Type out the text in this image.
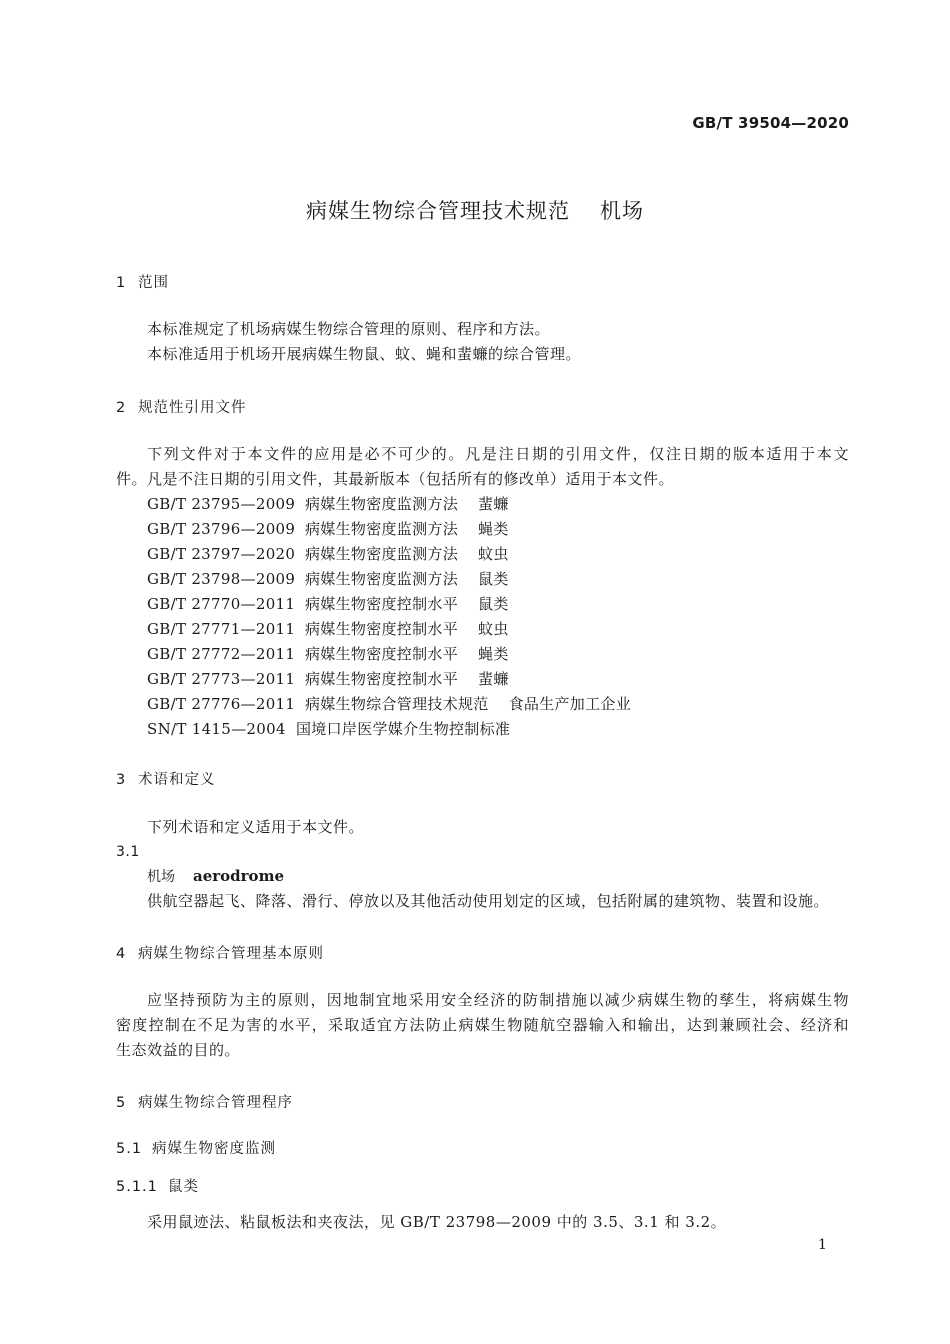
GB/T 39504—2020
病媒生物综合管理技术规范 机场
1 范围
本标准规定了机场病媒生物综合管理的原则、程序和方法。
本标准适用于机场开展病媒生物鼠、蚊、蝇和蜚蠊的综合管理。
2 规范性引用文件
下列文件对于本文件的应用是必不可少的。凡是注日期的引用文件，仅注日期的版本适用于本文
件。凡是不注日期的引用文件，其最新版本（包括所有的修改单）适用于本文件。
GB/T 23795—2009 病媒生物密度监测方法 蜚蠊
GB/T 23796—2009 病媒生物密度监测方法 蝇类
GB/T 23797—2020 病媒生物密度监测方法 蚊虫
GB/T 23798—2009 病媒生物密度监测方法 鼠类
GB/T 27770—2011 病媒生物密度控制水平 鼠类
GB/T 27771—2011 病媒生物密度控制水平 蚊虫
GB/T 27772—2011 病媒生物密度控制水平 蝇类
GB/T 27773—2011 病媒生物密度控制水平 蜚蠊
GB/T 27776—2011 病媒生物综合管理技术规范 食品生产加工企业
SN/T 1415—2004 国境口岸医学媒介生物控制标准
3 术语和定义
下列术语和定义适用于本文件。
3.1
机场 aerodrome
供航空器起飞、降落、滑行、停放以及其他活动使用划定的区域，包括附属的建筑物、装置和设施。
4 病媒生物综合管理基本原则
应坚持预防为主的原则，因地制宜地采用安全经济的防制措施以减少病媒生物的孳生，将病媒生物
密度控制在不足为害的水平，采取适宜方法防止病媒生物随航空器输入和输出，达到兼顾社会、经济和
生态效益的目的。
5 病媒生物综合管理程序
5.1 病媒生物密度监测
5.1.1 鼠类
采用鼠迹法、粘鼠板法和夹夜法，见 GB/T 23798—2009 中的 3.5、3.1 和 3.2。
1
